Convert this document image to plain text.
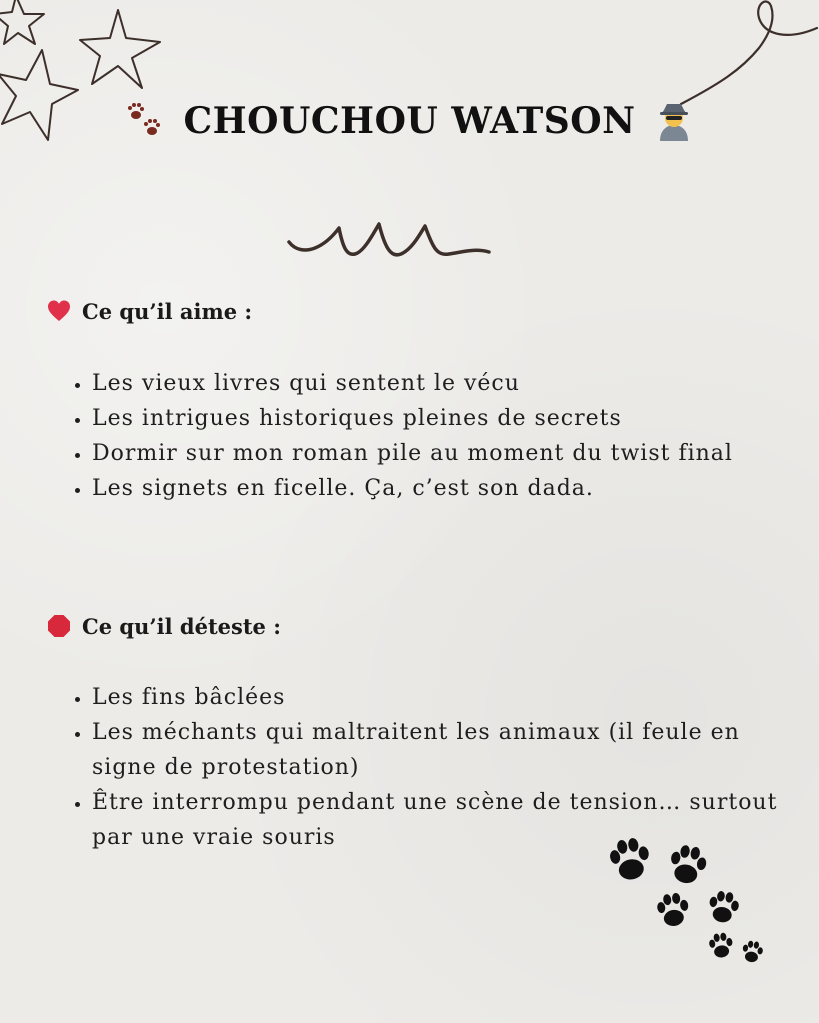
CHOUCHOU WATSON
Ce qu’il aime :
• Les vieux livres qui sentent le vécu
• Les intrigues historiques pleines de secrets
• Dormir sur mon roman pile au moment du twist final
• Les signets en ficelle. Ça, c’est son dada.
Ce qu’il déteste :
• Les fins bâclées
• Les méchants qui maltraitent les animaux (il feule en signe de protestation)
• Être interrompu pendant une scène de tension… surtout par une vraie souris
